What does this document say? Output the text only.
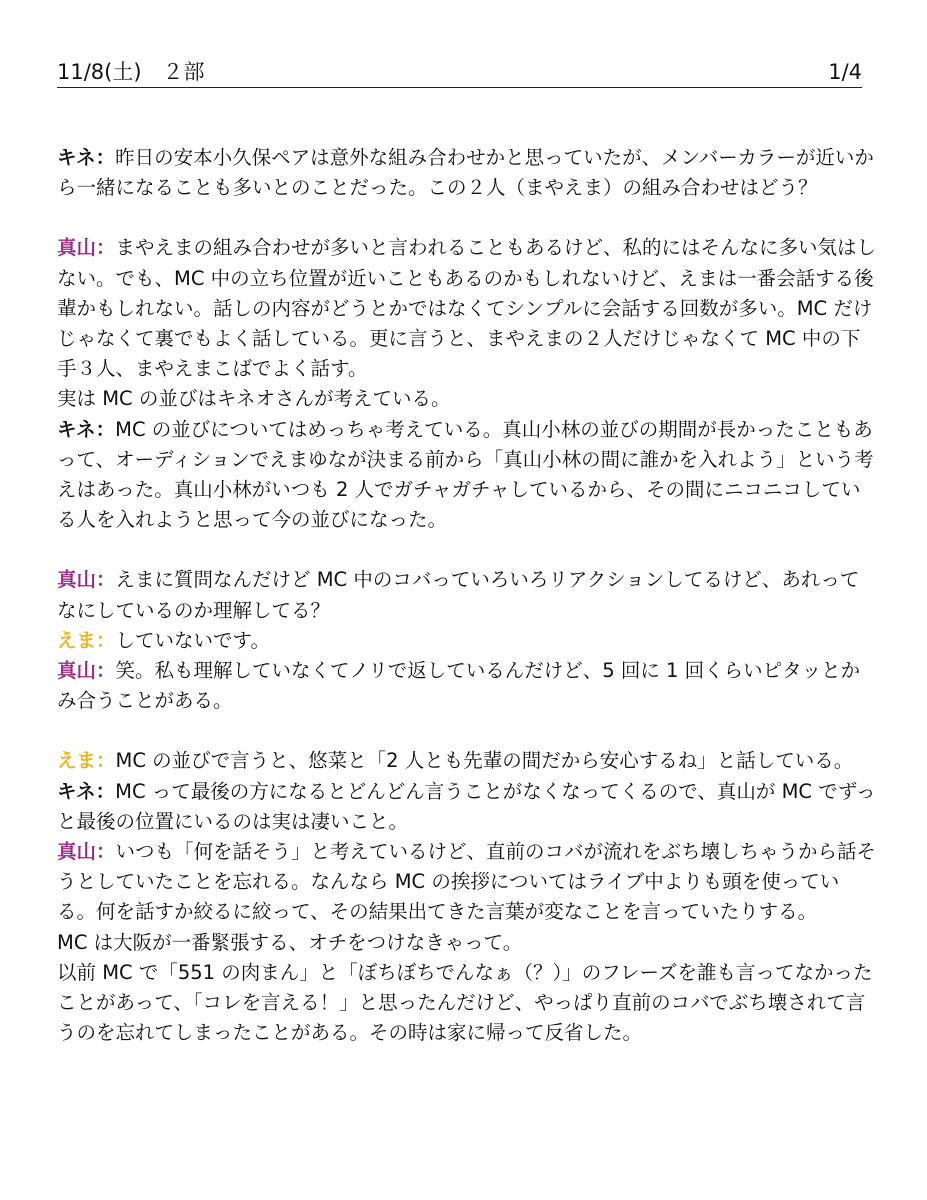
11/8(土)　２部	1/4

キネ：昨日の安本小久保ペアは意外な組み合わせかと思っていたが、メンバーカラーが近いから一緒になることも多いとのことだった。この２人（まやえま）の組み合わせはどう？

真山：まやえまの組み合わせが多いと言われることもあるけど、私的にはそんなに多い気はしない。でも、MC 中の立ち位置が近いこともあるのかもしれないけど、えまは一番会話する後輩かもしれない。話しの内容がどうとかではなくてシンプルに会話する回数が多い。MC だけじゃなくて裏でもよく話している。更に言うと、まやえまの２人だけじゃなくて MC 中の下手３人、まやえまこばでよく話す。

実は MC の並びはキネオさんが考えている。

キネ：MC の並びについてはめっちゃ考えている。真山小林の並びの期間が長かったこともあって、オーディションでえまゆなが決まる前から「真山小林の間に誰かを入れよう」という考えはあった。真山小林がいつも 2 人でガチャガチャしているから、その間にニコニコしている人を入れようと思って今の並びになった。

真山：えまに質問なんだけど MC 中のコバっていろいろリアクションしてるけど、あれってなにしているのか理解してる？

えま：していないです。

真山：笑。私も理解していなくてノリで返しているんだけど、5 回に 1 回くらいピタッとかみ合うことがある。

えま：MC の並びで言うと、悠菜と「2 人とも先輩の間だから安心するね」と話している。

キネ：MC って最後の方になるとどんどん言うことがなくなってくるので、真山が MC でずっと最後の位置にいるのは実は凄いこと。

真山：いつも「何を話そう」と考えているけど、直前のコバが流れをぶち壊しちゃうから話そうとしていたことを忘れる。なんなら MC の挨拶についてはライブ中よりも頭を使っている。何を話すか絞るに絞って、その結果出てきた言葉が変なことを言っていたりする。

MC は大阪が一番緊張する、オチをつけなきゃって。

以前 MC で「551 の肉まん」と「ぼちぼちでんなぁ（？）」のフレーズを誰も言ってなかったことがあって、「コレを言える！」と思ったんだけど、やっぱり直前のコバでぶち壊されて言うのを忘れてしまったことがある。その時は家に帰って反省した。
